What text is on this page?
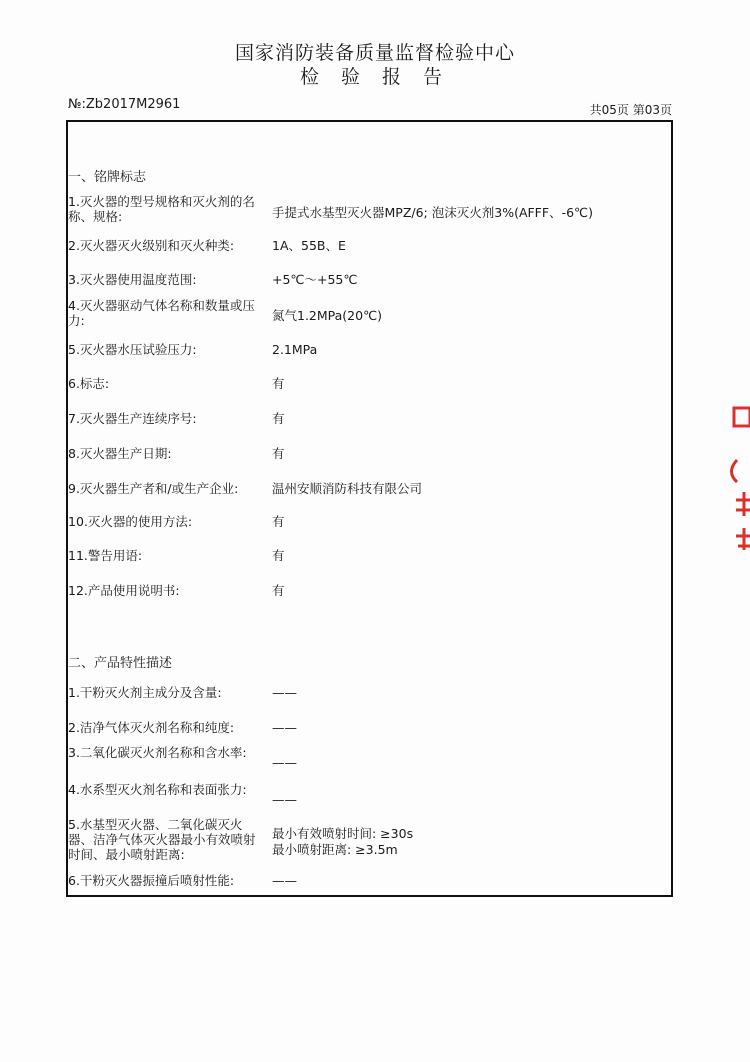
国家消防装备质量监督检验中心
检 验 报 告
№:Zb2017M2961	共05页 第03页
一、铭牌标志
1.灭火器的型号规格和灭火剂的名称、规格:	手提式水基型灭火器MPZ/6; 泡沫灭火剂3%(AFFF、-6℃)
2.灭火器灭火级别和灭火种类:	1A、55B、E
3.灭火器使用温度范围:	+5℃～+55℃
4.灭火器驱动气体名称和数量或压力:	氮气1.2MPa(20℃)
5.灭火器水压试验压力:	2.1MPa
6.标志:	有
7.灭火器生产连续序号:	有
8.灭火器生产日期:	有
9.灭火器生产者和/或生产企业:	温州安顺消防科技有限公司
10.灭火器的使用方法:	有
11.警告用语:	有
12.产品使用说明书:	有
二、产品特性描述
1.干粉灭火剂主成分及含量:	——
2.洁净气体灭火剂名称和纯度:	——
3.二氧化碳灭火剂名称和含水率:
——
4.水系型灭火剂名称和表面张力:
——
5.水基型灭火器、二氧化碳灭火器、洁净气体灭火器最小有效喷射时间、最小喷射距离:
最小有效喷射时间: ≥30s
最小喷射距离: ≥3.5m
6.干粉灭火器振撞后喷射性能:	——
